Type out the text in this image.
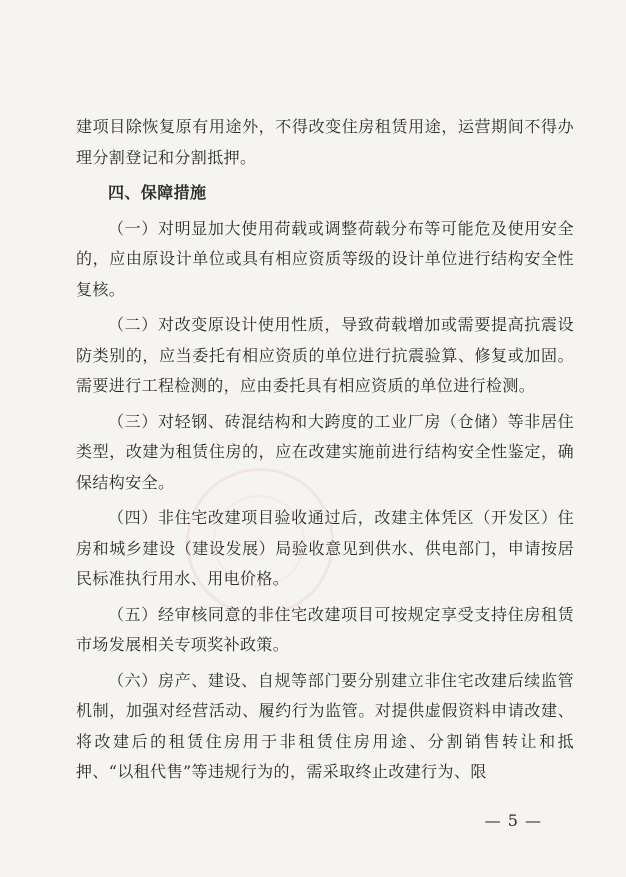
建项目除恢复原有用途外，不得改变住房租赁用途，运营期间不得办理分割登记和分割抵押。

四、保障措施

（一）对明显加大使用荷载或调整荷载分布等可能危及使用安全的，应由原设计单位或具有相应资质等级的设计单位进行结构安全性复核。

（二）对改变原设计使用性质，导致荷载增加或需要提高抗震设防类别的，应当委托有相应资质的单位进行抗震验算、修复或加固。需要进行工程检测的，应由委托具有相应资质的单位进行检测。

（三）对轻钢、砖混结构和大跨度的工业厂房（仓储）等非居住类型，改建为租赁住房的，应在改建实施前进行结构安全性鉴定，确保结构安全。

（四）非住宅改建项目验收通过后，改建主体凭区（开发区）住房和城乡建设（建设发展）局验收意见到供水、供电部门，申请按居民标准执行用水、用电价格。

（五）经审核同意的非住宅改建项目可按规定享受支持住房租赁市场发展相关专项奖补政策。

（六）房产、建设、自规等部门要分别建立非住宅改建后续监管机制，加强对经营活动、履约行为监管。对提供虚假资料申请改建、将改建后的租赁住房用于非租赁住房用途、分割销售转让和抵押、“以租代售”等违规行为的，需采取终止改建行为、限

— 5 —
